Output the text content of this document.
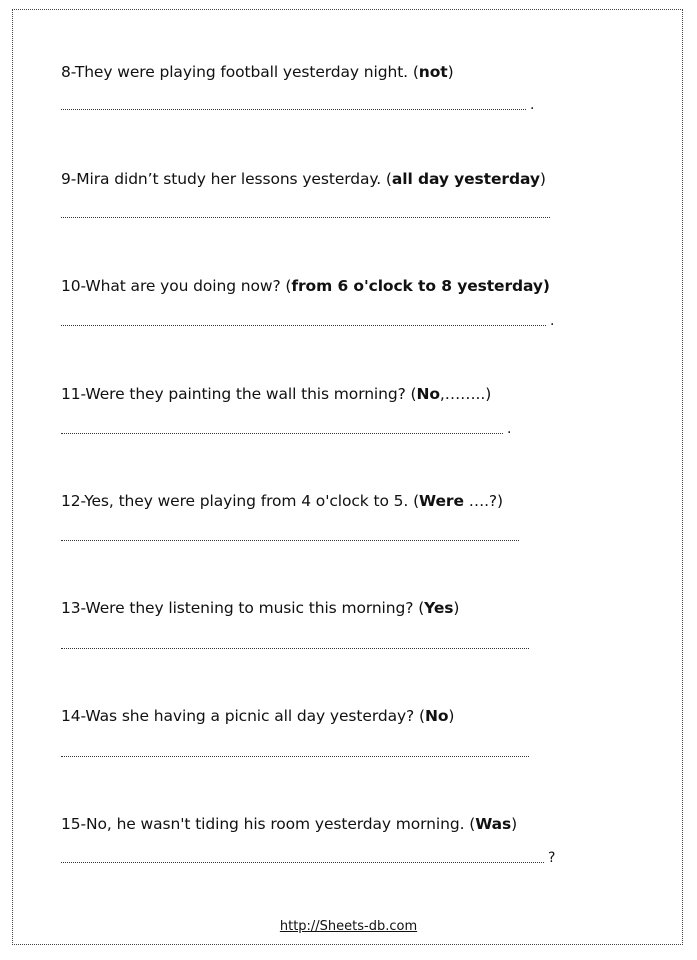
8-They were playing football yesterday night. (not)
.
9-Mira didn’t study her lessons yesterday. (all day yesterday)
10-What are you doing now? (from 6 o'clock to 8 yesterday)
.
11-Were they painting the wall this morning? (No,……..)
.
12-Yes, they were playing from 4 o'clock to 5. (Were ….?)
13-Were they listening to music this morning? (Yes)
14-Was she having a picnic all day yesterday? (No)
15-No, he wasn't tiding his room yesterday morning. (Was)
?
http://Sheets-db.com
